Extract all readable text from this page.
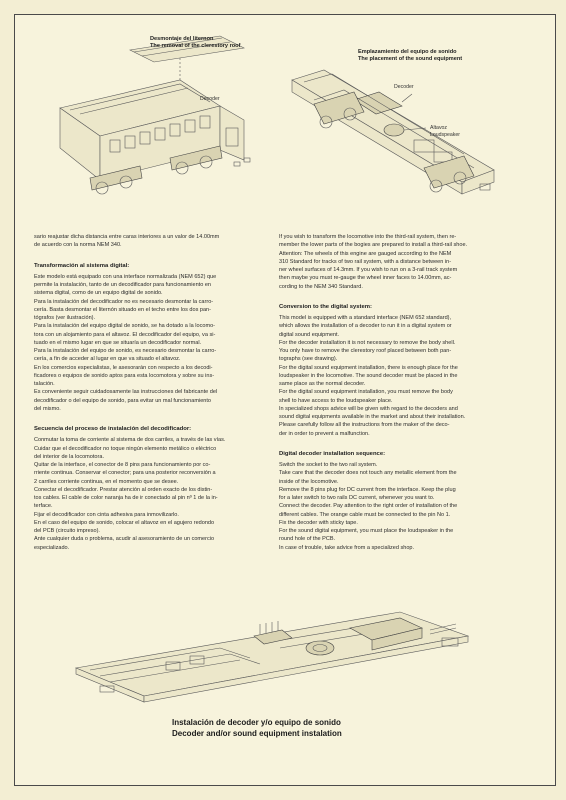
Desmontaje del liternon
The removal of the clerestory roof
Decoder
Emplazamiento del equipo de sonido
The placement of the sound equipment
Decoder
Altavoz
Loudspeaker

sario reajustar dicha distancia entre caras interiores a un valor de 14.00mm

de acuerdo con la norma NEM 340.

Transformación al sistema digital:

Este modelo está equipado con una interface normalizada (NEM 652) que

permite la instalación, tanto de un decodificador para funcionamiento en

sistema digital, como de un equipo digital de sonido.

Para la instalación del decodificador no es necesario desmontar la carro-

cería. Basta desmontar el liternón situado en el techo entre los dos pan-

tógrafos (ver ilustración).

Para la instalación del equipo digital de sonido, se ha dotado a la locomo-

tora con un alojamiento para el altavoz. El decodificador del equipo, va si-

tuado en el mismo lugar en que se situaría un decodificador normal.

Para la instalación del equipo de sonido, es necesario desmontar la carro-

cería, a fin de acceder al lugar en que va situado el altavoz.

En los comercios especialistas, le asesorarán con respecto a los decodi-

ficadores o equipos de sonido aptos para esta locomotora y sobre su ins-

talación.

Es conveniente seguir cuidadosamente las instrucciones del fabricante del

decodificador o del equipo de sonido, para evitar un mal funcionamiento

del mismo.

Secuencia del proceso de instalación del decodificador:

Conmutar la toma de corriente al sistema de dos carriles, a través de las vías.

Cuidar que el decodificador no toque ningún elemento metálico o eléctrico

del interior de la locomotora.

Quitar de la interface, el conector de 8 pins para funcionamiento por co-

rriente continua. Conservar el conector; para una posterior reconversión a

2 carriles corriente continua, en el momento que se desee.

Conectar el decodificador. Prestar atención al orden exacto de los distin-

tos cables. El cable de color naranja ha de ir conectado al pin nº 1 de la in-

terface.

Fijar el decodificador con cinta adhesiva para inmovilizarlo.

En el caso del equipo de sonido, colocar el altavoz en el agujero redondo

del PCB (circuito impreso).

Ante cualquier duda o problema, acudir al asesoramiento de un comercio

especializado.

If you wish to transform the locomotive into the third-rail system, then re-

member the lower parts of the bogies are prepared to install a third-rail shoe.

Attention: The wheels of this engine are gauged according to the NEM

310 Standard for tracks of two rail system, with a distance between in-

ner wheel surfaces of 14.3mm. If you wish to run on a 3-rail track system

then maybe you must re-gauge the wheel inner faces to 14.00mm, ac-

cording to the NEM 340 Standard.

Conversion to the digital system:

This model is equipped with a standard interface (NEM 652 standard),

which allows the installation of a decoder to run it in a digital system or

digital sound equipment.

For the decoder installation it is not necessary to remove the body shell.

You only have to remove the clerestory roof placed between both pan-

tographs (see drawing).

For the digital sound equipment installation, there is enough place for the

loudspeaker in the locomotive. The sound decoder must be placed in the

same place as the normal decoder.

For the digital sound equipment installation, you must remove the body

shell to have access to the loudspeaker place.

In specialized shops advice will be given with regard to the decoders and

sound digital equipments available in the market and about their installation.

Please carefully follow all the instructions from the maker of the deco-

der in order to prevent a malfunction.

Digital decoder installation sequence:

Switch the socket to the two rail system.

Take care that the decoder does not touch any metallic element from the

inside of the locomotive.

Remove the 8 pins plug for DC current from the interface. Keep the plug

for a later switch to two rails DC current, whenever you want to.

Connect the decoder. Pay attention to the right order of installation of the

different cables. The orange cable must be connected to the pin No 1.

Fix the decoder with sticky tape.

For the sound digital equipment, you must place the loudspeaker in the

round hole of the PCB.

In case of trouble, take advice from a specialized shop.

Instalación de decoder y/o equipo de sonido
Decoder and/or sound equipment instalation
